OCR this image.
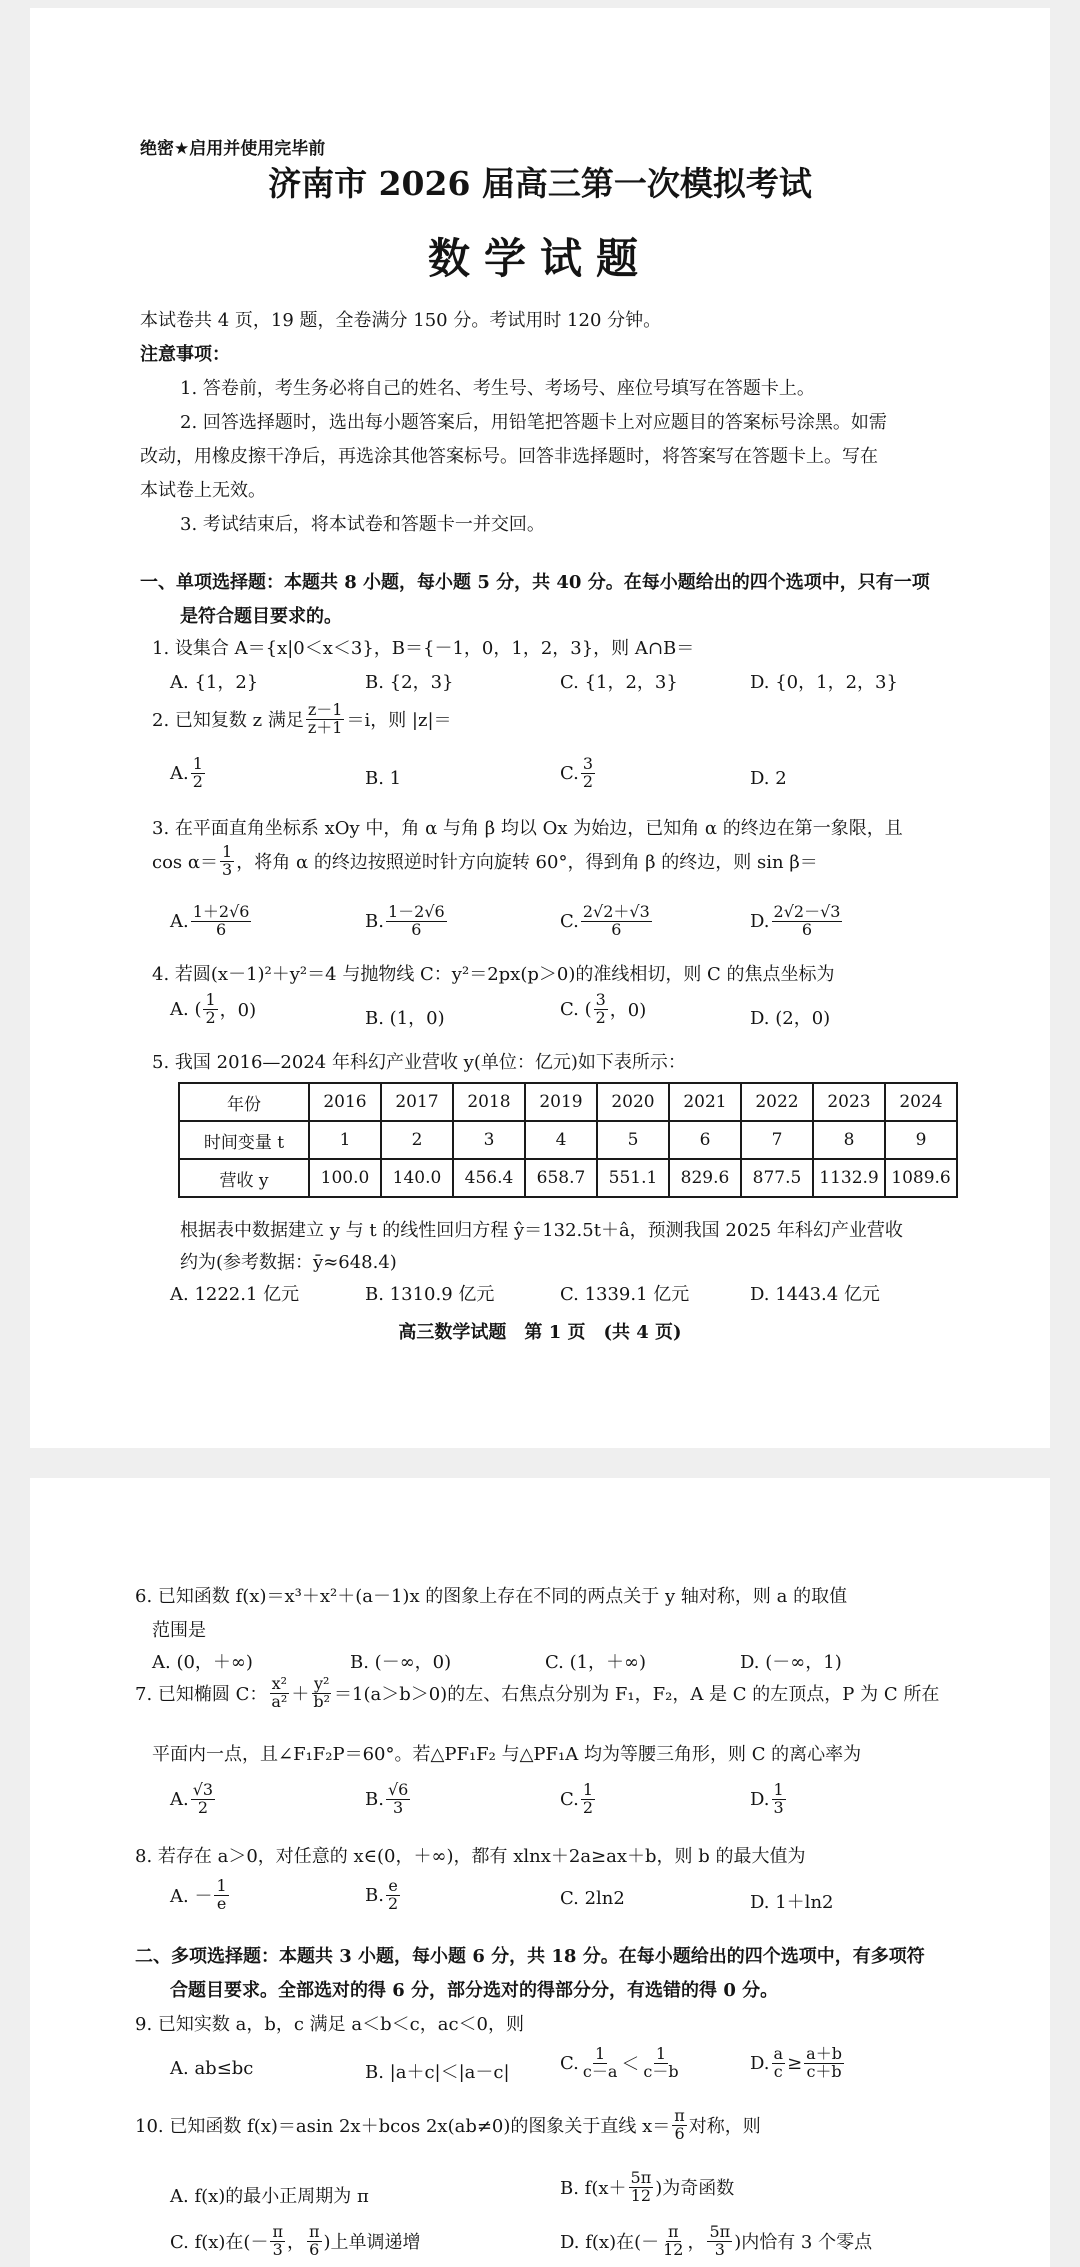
绝密★启用并使用完毕前
济南市 2026 届高三第一次模拟考试
数学试题
本试卷共 4 页，19 题，全卷满分 150 分。考试用时 120 分钟。
注意事项：
1. 答卷前，考生务必将自己的姓名、考生号、考场号、座位号填写在答题卡上。
2. 回答选择题时，选出每小题答案后，用铅笔把答题卡上对应题目的答案标号涂黑。如需
改动，用橡皮擦干净后，再选涂其他答案标号。回答非选择题时，将答案写在答题卡上。写在
本试卷上无效。
3. 考试结束后，将本试卷和答题卡一并交回。
一、单项选择题：本题共 8 小题，每小题 5 分，共 40 分。在每小题给出的四个选项中，只有一项
是符合题目要求的。
1. 设集合 A＝{x|0＜x＜3}，B＝{－1，0，1，2，3}，则 A∩B＝
A. {1，2}	B. {2，3}	C. {1，2，3}	D. {0，1，2，3}
2. 已知复数 z 满足 $\frac{z-1}{z+1} =i$，则 |z|＝
A. $\frac{1}{2}$	B. 1	C. $\frac{3}{2}$	D. 2
3. 在平面直角坐标系 xOy 中，角 α 与角 β 均以 Ox 为始边，已知角 α 的终边在第一象限，且
$\cos \alpha= \frac{1}{3}$ ，将角 α 的终边按照逆时针方向旋转 60°，得到角 β 的终边，则 sin β＝
A. $\frac{1+2√6}{6}$	B. $\frac{1-2√6}{6}$	C. $\frac{2√2+√3}{6}$	D. $\frac{2√2-√3}{6}$
4. 若圆(x－1)²＋y²＝4 与抛物线 C：y²＝2px(p＞0)的准线相切，则 C 的焦点坐标为
A. ( $\frac{1}{2}$ ，0)	B. (1，0)	C. ( $\frac{3}{2}$ ，0)	D. (2，0)
5. 我国 2016—2024 年科幻产业营收 y(单位：亿元)如下表所示：
年份	2016	2017	2018	2019	2020	2021	2022	2023	2024
时间变量 t	1	2	3	4	5	6	7	8	9
营收 y	100.0	140.0	456.4	658.7	551.1	829.6	877.5	1132.9	1089.6
根据表中数据建立 y 与 t 的线性回归方程 ŷ＝132.5t＋â，预测我国 2025 年科幻产业营收
约为(参考数据：ȳ≈648.4)
A. 1222.1 亿元	B. 1310.9 亿元	C. 1339.1 亿元	D. 1443.4 亿元
高三数学试题　第 1 页　(共 4 页)
6. 已知函数 f(x)＝x³＋x²＋(a－1)x 的图象上存在不同的两点关于 y 轴对称，则 a 的取值
范围是
A. (0，＋∞)	B. (－∞，0)	C. (1，＋∞)	D. (－∞，1)
7. 已知椭圆 C： $\frac{\text{x²}}{\text{a²}} + \frac{\text{y²}}{\text{b²}} =1(a>b>0)$的左、右焦点分别为 F₁，F₂，A 是 C 的左顶点，P 为 C 所在
平面内一点，且∠F₁F₂P＝60°。若△PF₁F₂ 与△PF₁A 均为等腰三角形，则 C 的离心率为
A. $\frac{√3}{2}$	B. $\frac{√6}{3}$	C. $\frac{1}{2}$	D. $\frac{1}{3}$
8. 若存在 a＞0，对任意的 x∈(0，＋∞)，都有 xlnx＋2a≥ax＋b，则 b 的最大值为
A. － $\frac{1}{e}$	B. $\frac{e}{2}$	C. 2ln2	D. 1＋ln2
二、多项选择题：本题共 3 小题，每小题 6 分，共 18 分。在每小题给出的四个选项中，有多项符
合题目要求。全部选对的得 6 分，部分选对的得部分分，有选错的得 0 分。
9. 已知实数 a，b，c 满足 a＜b＜c，ac＜0，则
A. ab≤bc	B. |a＋c|＜|a－c|	C. $\frac{1}{c-a} < \frac{1}{c-b}$	D. $\frac{a}{c} \ge \frac{a+b}{c+b}$
10. 已知函数 f(x)＝asin 2x＋bcos 2x(ab≠0)的图象关于直线 $x= \frac{\pi}{6}$ 对称，则
A. f(x)的最小正周期为 π	B. $f(x+ \frac{5\pi}{12}$ )为奇函数
C. f(x)在(－ $\frac{\pi}{3}$ ， $\frac{\pi}{6}$ )上单调递增	D. f(x)在(－ $\frac{\pi}{12}$ ， $\frac{5\pi}{3}$ )内恰有 3 个零点
